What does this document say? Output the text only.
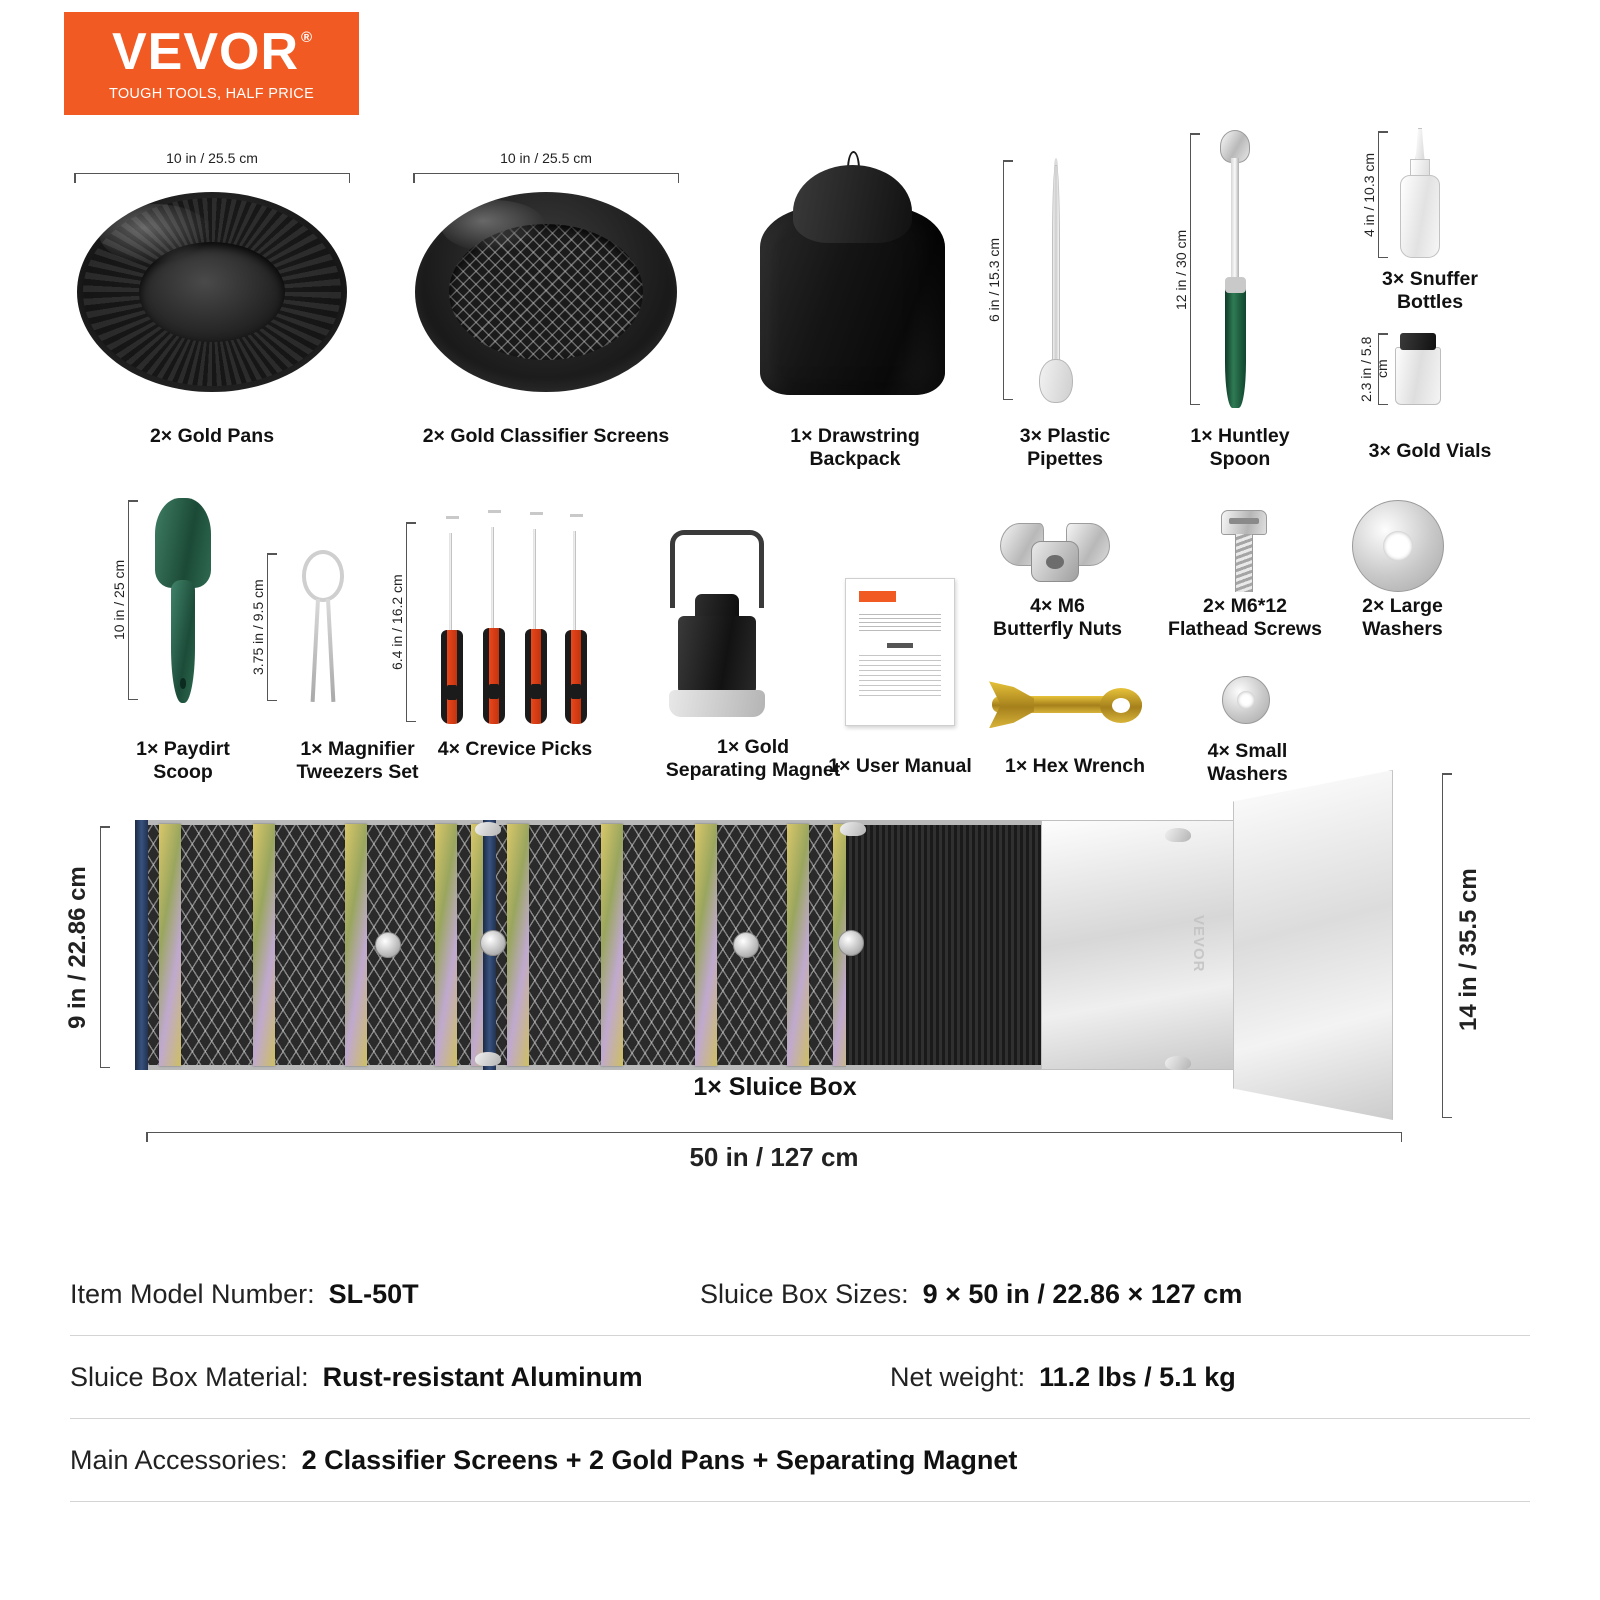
VEVOR ®
TOUGH TOOLS, HALF PRICE
10 in / 25.5 cm
2× Gold Pans
10 in / 25.5 cm
2× Gold Classifier Screens	1× Drawstring
Backpack
6 in / 15.3 cm
3× Plastic
Pipettes
12 in / 30 cm
1× Huntley
Spoon
4 in / 10.3 cm
3× Snuffer
Bottles
2.3 in / 5.8 cm
3× Gold Vials
10 in / 25 cm
1× Paydirt
Scoop
3.75 in / 9.5 cm
1× Magnifier
Tweezers Set
6.4 in / 16.2 cm
4× Crevice Picks	1× Gold
Separating Magnet
1× User Manual
4× M6
Butterfly Nuts
2× M6*12
Flathead Screws
2× Large
Washers
1× Hex Wrench
4× Small
Washers
VEVOR
9 in / 22.86 cm	14 in / 35.5 cm
50 in / 127 cm
1× Sluice Box
Item Model Number: SL-50T	Sluice Box Sizes: 9 × 50 in / 22.86 × 127 cm
Sluice Box Material: Rust-resistant Aluminum	Net weight: 11.2 lbs / 5.1 kg
Main Accessories: 2 Classifier Screens + 2 Gold Pans + Separating Magnet
